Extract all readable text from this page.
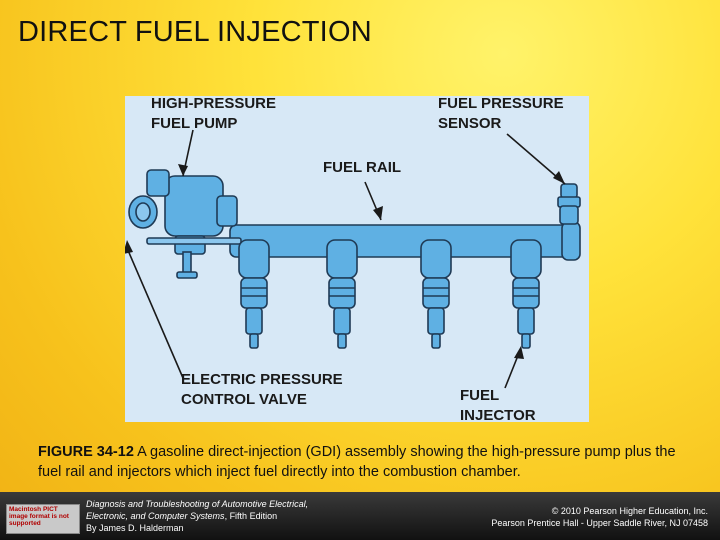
DIRECT FUEL INJECTION
HIGH-PRESSURE
FUEL PUMP
FUEL PRESSURE
SENSOR
FUEL RAIL
ELECTRIC PRESSURE
CONTROL VALVE	FUEL
INJECTOR
FIGURE 34-12 A gasoline direct-injection (GDI) assembly showing the high-pressure pump plus the fuel rail and injectors which inject fuel directly into the combustion chamber.
Macintosh PICT image format is not supported
Diagnosis and Troubleshooting of Automotive Electrical,
Electronic, and Computer Systems, Fifth Edition
By James D. Halderman
© 2010 Pearson Higher Education, Inc.
Pearson Prentice Hall - Upper Saddle River, NJ 07458
